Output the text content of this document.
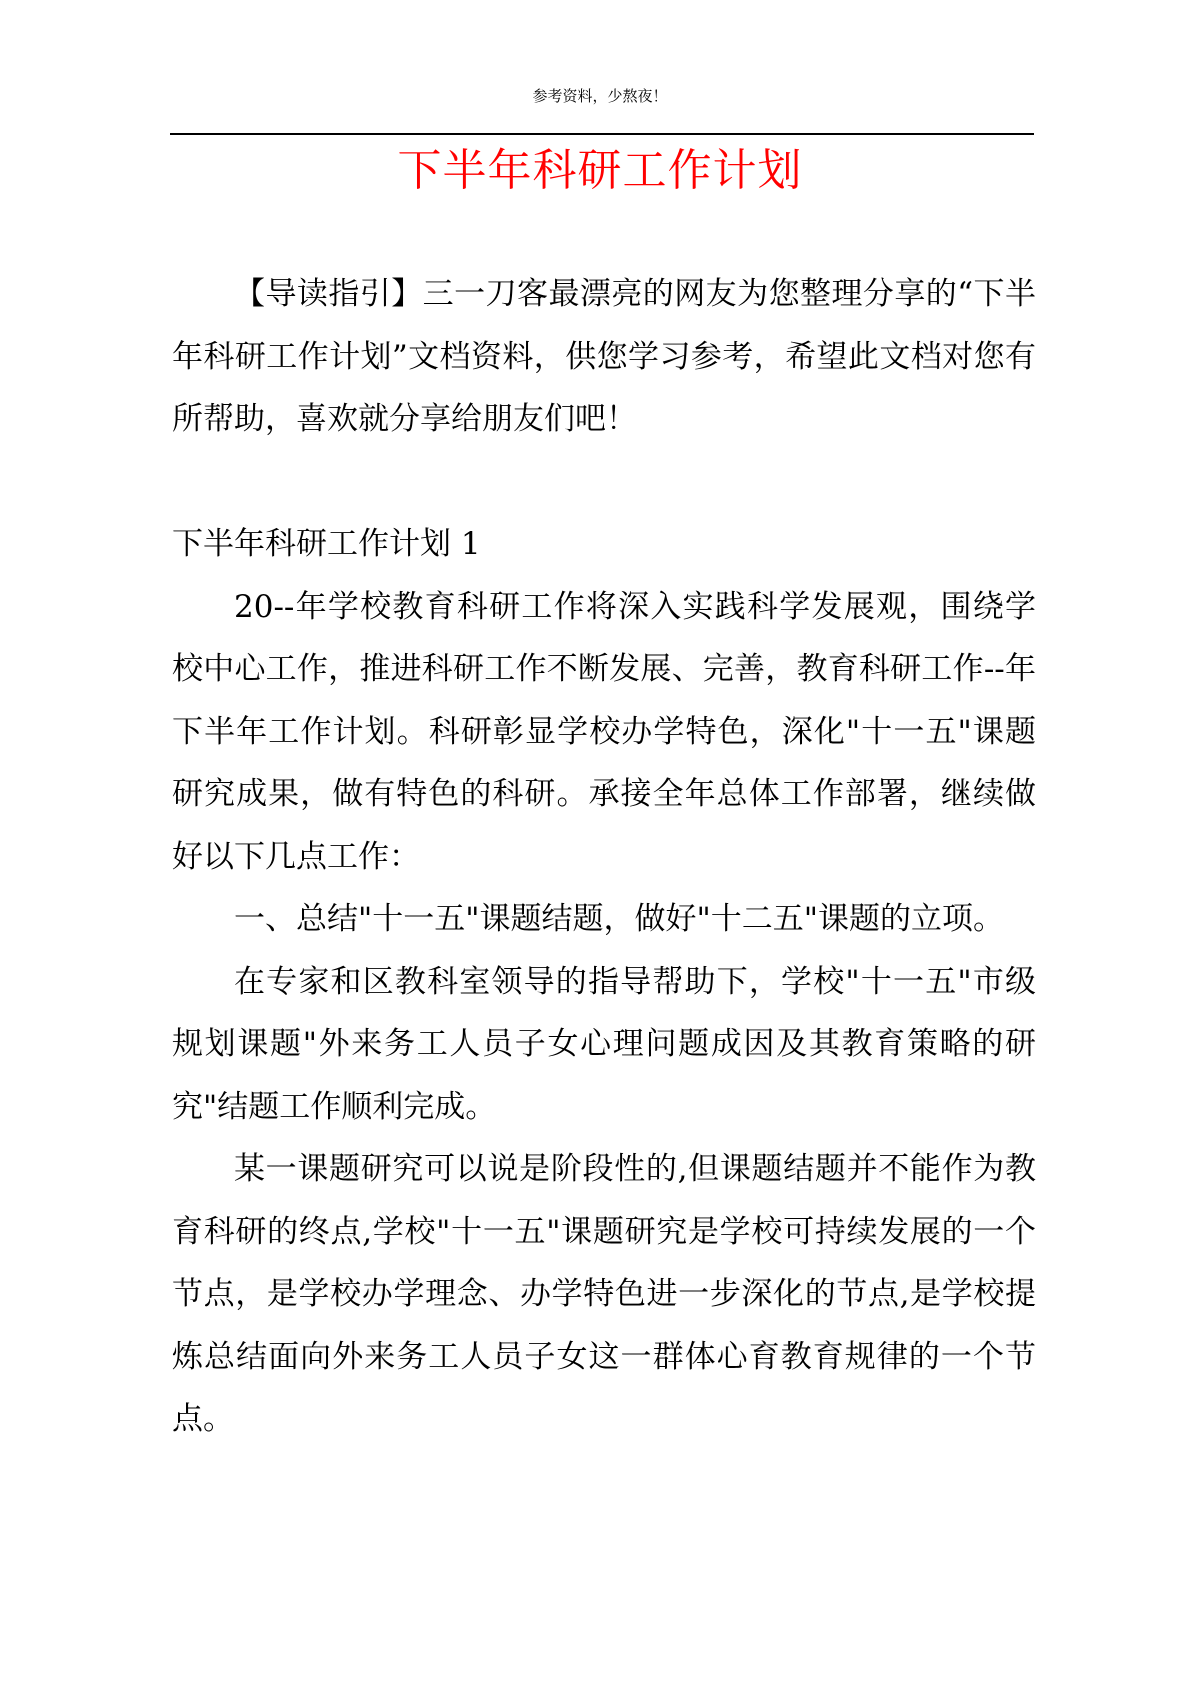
参考资料，少熬夜！
下半年科研工作计划

【导读指引】三一刀客最漂亮的网友为您整理分享的“下半年科研工作计划”文档资料，供您学习参考，希望此文档对您有所帮助，喜欢就分享给朋友们吧！

下半年科研工作计划 1

20--年学校教育科研工作将深入实践科学发展观，围绕学校中心工作，推进科研工作不断发展、完善，教育科研工作--年下半年工作计划。科研彰显学校办学特色，深化"十一五"课题研究成果，做有特色的科研。承接全年总体工作部署，继续做好以下几点工作：

一、总结"十一五"课题结题，做好"十二五"课题的立项。

在专家和区教科室领导的指导帮助下，学校"十一五"市级规划课题"外来务工人员子女心理问题成因及其教育策略的研究"结题工作顺利完成。

某一课题研究可以说是阶段性的,但课题结题并不能作为教育科研的终点,学校"十一五"课题研究是学校可持续发展的一个节点，是学校办学理念、办学特色进一步深化的节点,是学校提炼总结面向外来务工人员子女这一群体心育教育规律的一个节点。
